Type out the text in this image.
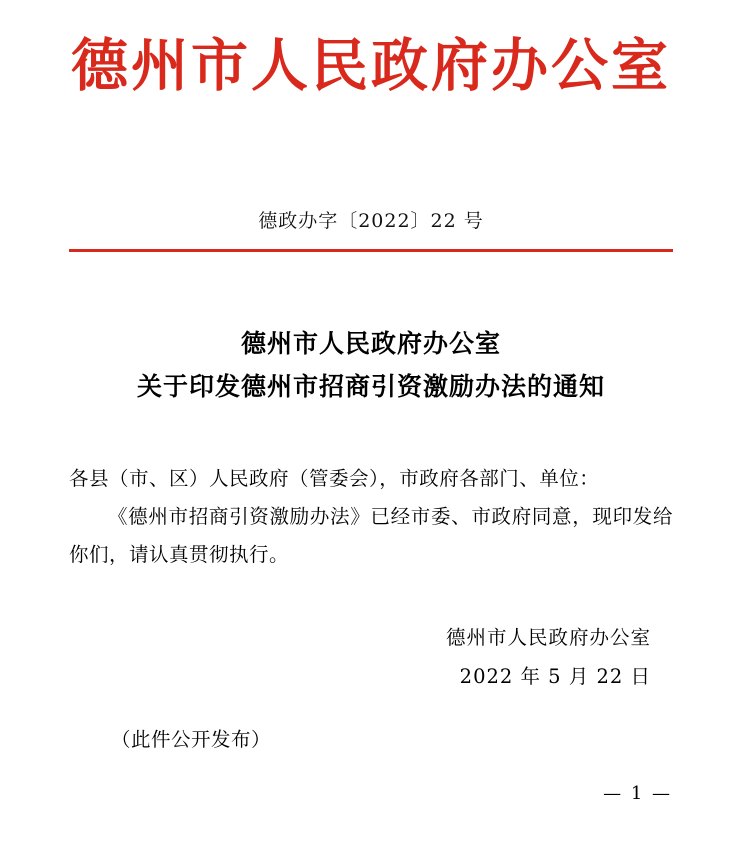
德州市人民政府办公室
德政办字〔2022〕22 号
德州市人民政府办公室
关于印发德州市招商引资激励办法的通知

各县（市、区）人民政府（管委会），市政府各部门、单位：

《德州市招商引资激励办法》已经市委、市政府同意，现印发给你们，请认真贯彻执行。

德州市人民政府办公室
2022 年 5 月 22 日
（此件公开发布）
— 1 —
